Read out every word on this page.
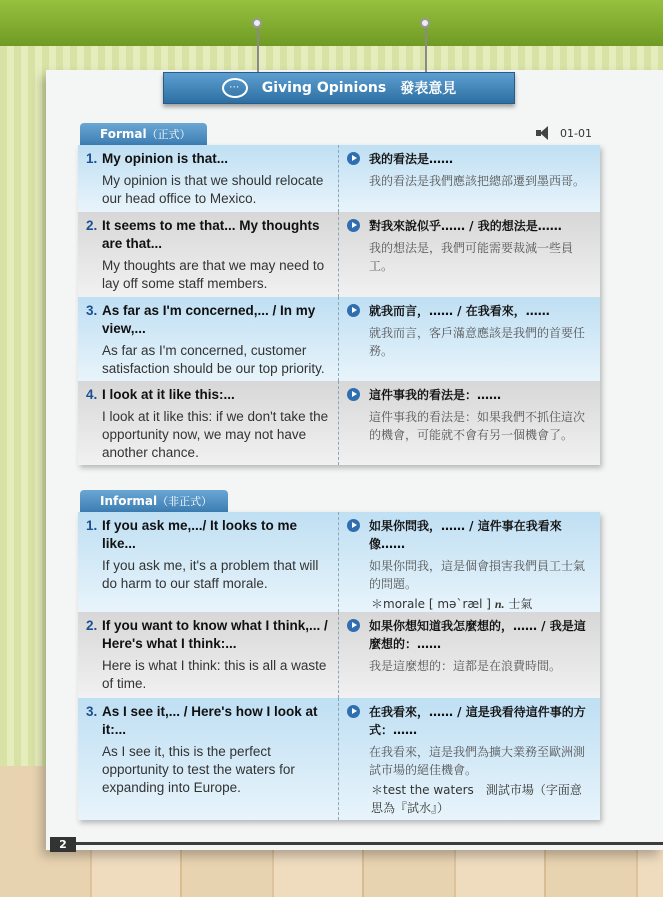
⋯	Giving Opinions 發表意見
Formal（正式）	01-01
1. My opinion is that...
My opinion is that we should relocate our head office to Mexico.
我的看法是……
我的看法是我們應該把總部遷到墨西哥。
2. It seems to me that... My thoughts are that...
My thoughts are that we may need to lay off some staff members.
對我來說似乎…… / 我的想法是……
我的想法是，我們可能需要裁減一些員工。
3. As far as I'm concerned,... / In my view,...
As far as I'm concerned, customer satisfaction should be our top priority.
就我而言，…… / 在我看來，……
就我而言，客戶滿意應該是我們的首要任務。
4. I look at it like this:...
I look at it like this: if we don't take the opportunity now, we may not have another chance.
這件事我的看法是：……
這件事我的看法是：如果我們不抓住這次的機會，可能就不會有另一個機會了。
Informal（非正式）
1. If you ask me,.../ It looks to me like...
If you ask me, it's a problem that will do harm to our staff morale.
如果你問我，…… / 這件事在我看來像……
如果你問我，這是個會損害我們員工士氣的問題。
＊morale [ məˋræl ] n. 士氣
2. If you want to know what I think,... / Here's what I think:...
Here is what I think: this is all a waste of time.
如果你想知道我怎麼想的，…… / 我是這麼想的：……
我是這麼想的：這都是在浪費時間。
3. As I see it,... / Here's how I look at it:...
As I see it, this is the perfect opportunity to test the waters for expanding into Europe.
在我看來，…… / 這是我看待這件事的方式：……
在我看來，這是我們為擴大業務至歐洲測試市場的絕佳機會。
＊test the waters　 測試市場（字面意思為『試水』）
2
